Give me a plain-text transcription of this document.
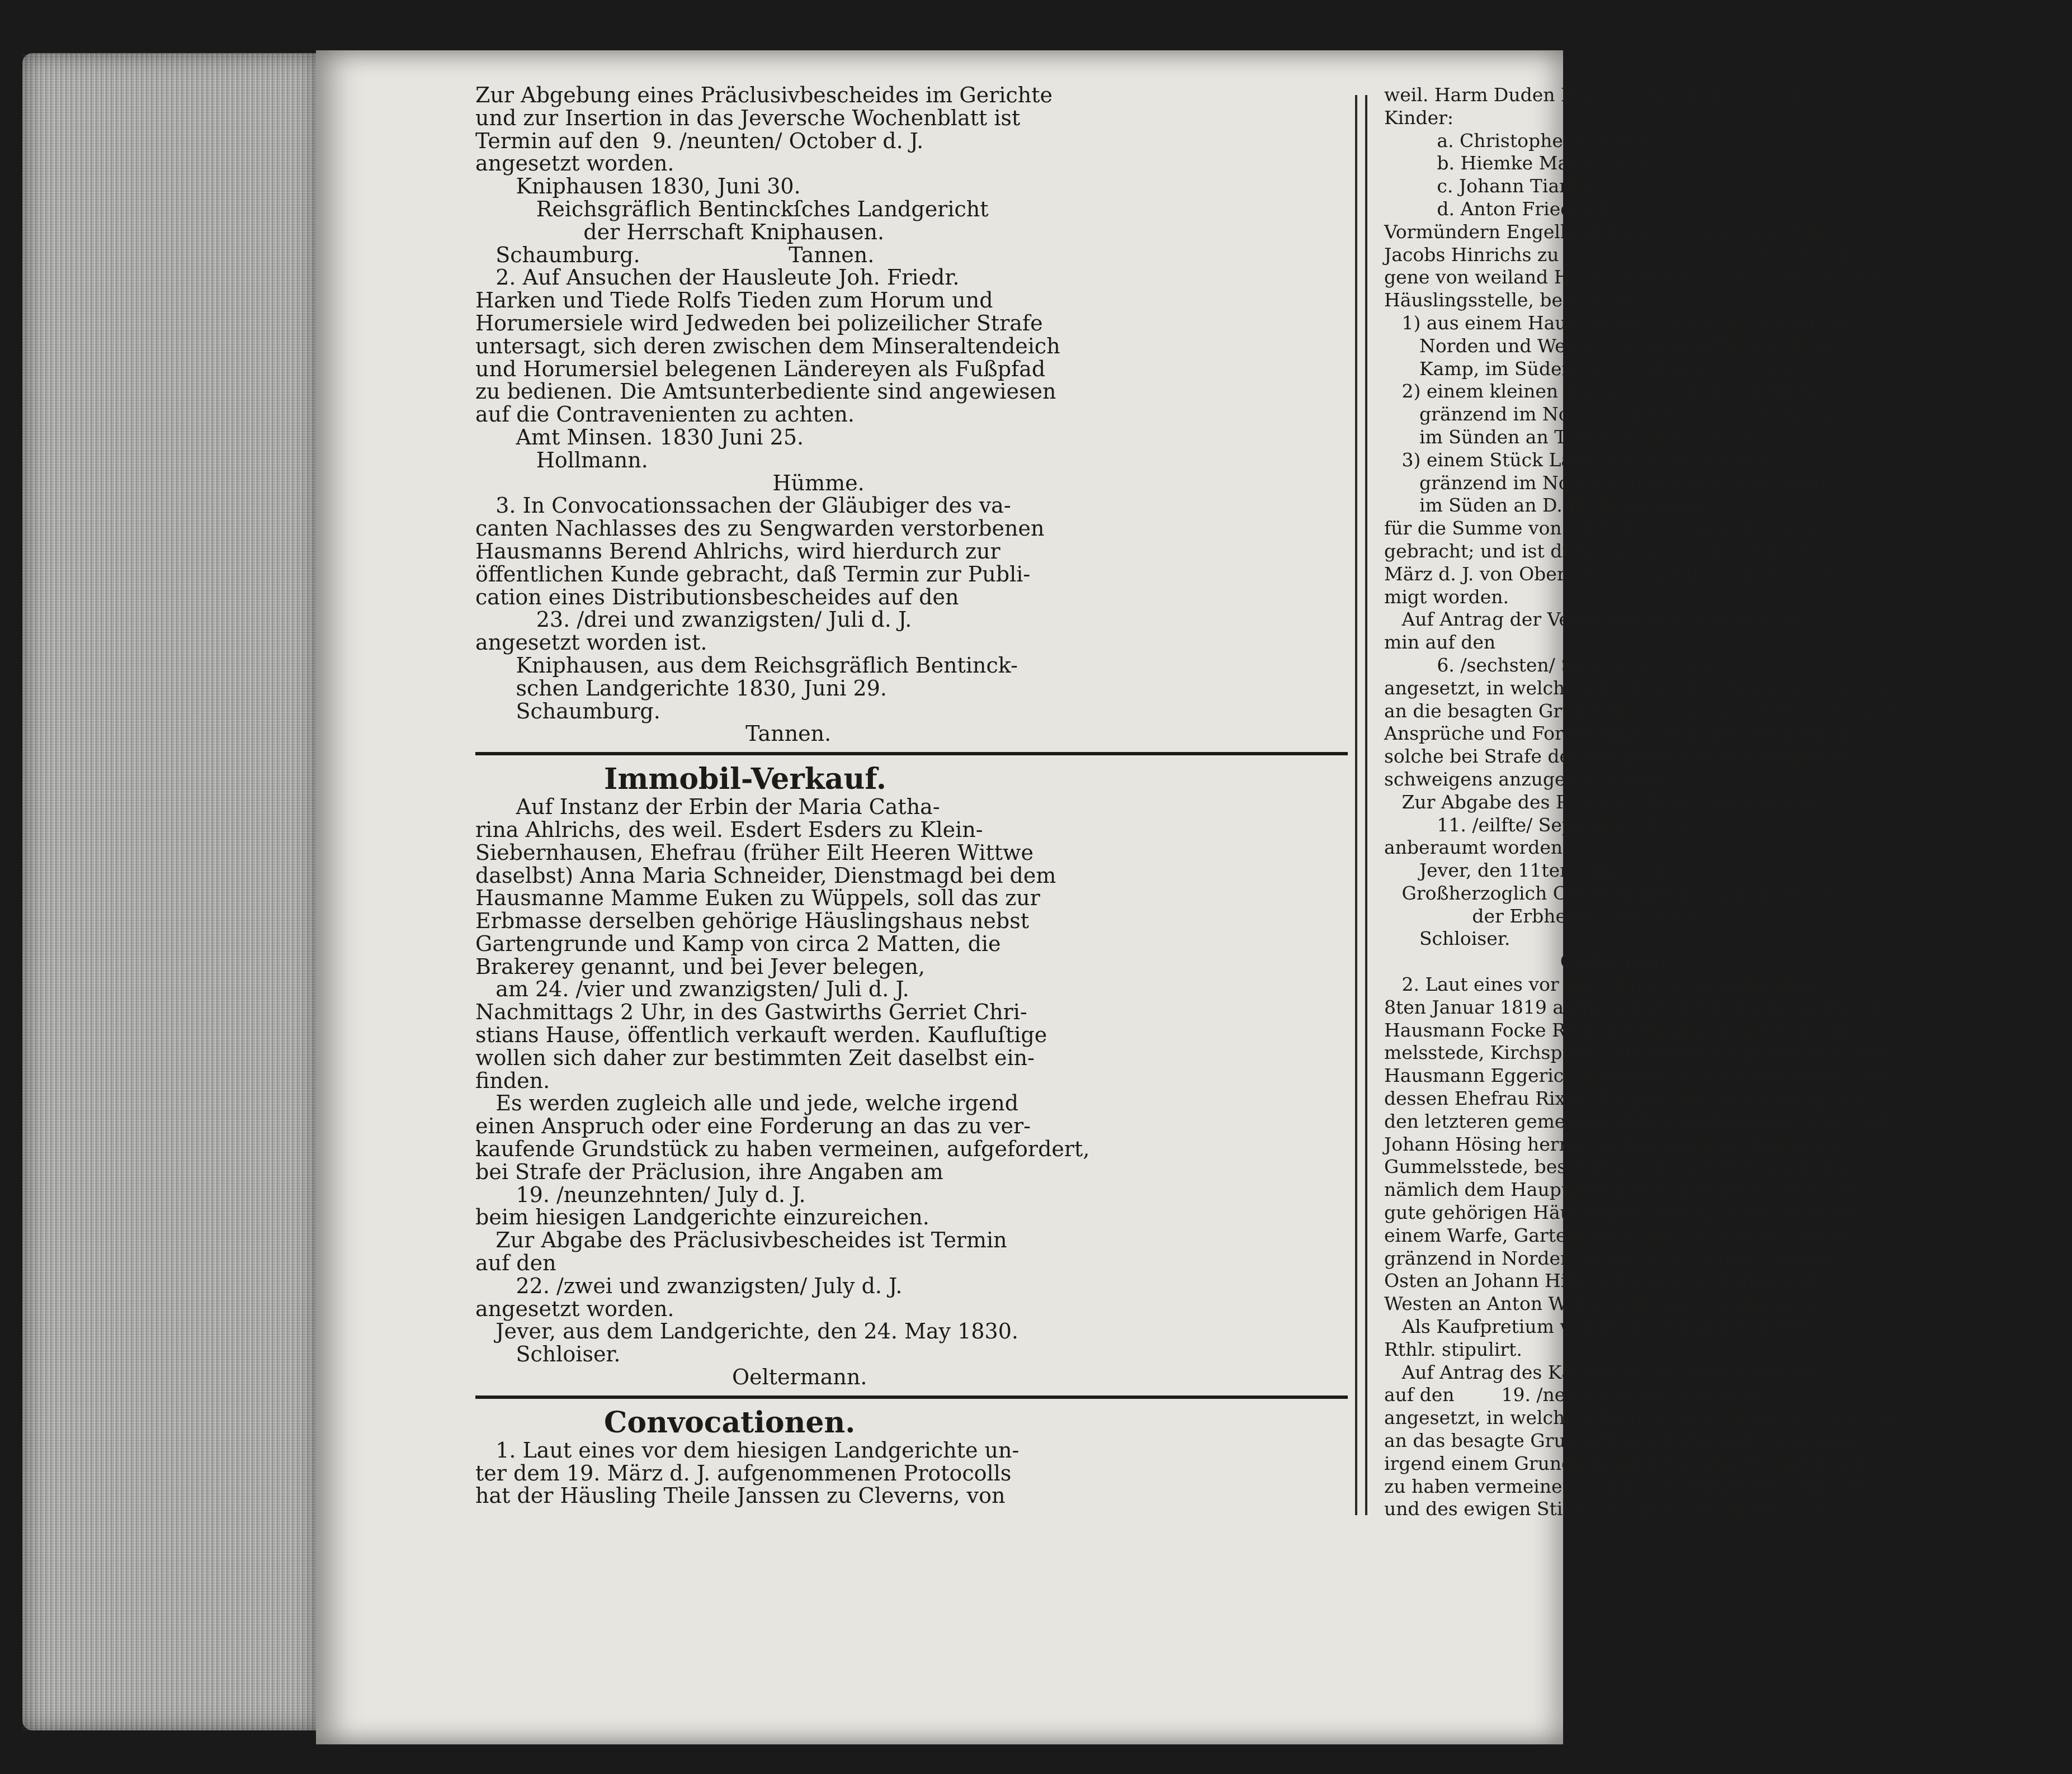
Zur Abgebung eines Präclusivbescheides im Gerichte

und zur Insertion in das Jeversche Wochenblatt ist

Termin auf den  9. /neunten/ October d. J.

angesetzt worden.

Kniphausen 1830, Juni 30.

Reichsgräflich Bentinckſches Landgericht

der Herrschaft Kniphausen.

Schaumburg.                      Tannen.

2. Auf Ansuchen der Hausleute Joh. Friedr.

Harken und Tiede Rolfs Tieden zum Horum und

Horumersiele wird Jedweden bei polizeilicher Strafe

untersagt, sich deren zwischen dem Minseraltendeich

und Horumersiel belegenen Ländereyen als Fußpfad

zu bedienen. Die Amtsunterbediente sind angewiesen

auf die Contravenienten zu achten.

Amt Minsen. 1830 Juni 25.

Hollmann.

Hümme.

3. In Convocationssachen der Gläubiger des va-

canten Nachlasses des zu Sengwarden verstorbenen

Hausmanns Berend Ahlrichs, wird hierdurch zur

öffentlichen Kunde gebracht, daß Termin zur Publi-

cation eines Distributionsbescheides auf den

23. /drei und zwanzigsten/ Juli d. J.

angesetzt worden ist.

Kniphausen, aus dem Reichsgräflich Bentinck-

schen Landgerichte 1830, Juni 29.

Schaumburg.

Tannen.

Immobil-Verkauf.

Auf Instanz der Erbin der Maria Catha-

rina Ahlrichs, des weil. Esdert Esders zu Klein-

Siebernhausen, Ehefrau (früher Eilt Heeren Wittwe

daselbst) Anna Maria Schneider, Dienstmagd bei dem

Hausmanne Mamme Euken zu Wüppels, soll das zur

Erbmasse derselben gehörige Häuslingshaus nebst

Gartengrunde und Kamp von circa 2 Matten, die

Brakerey genannt, und bei Jever belegen,

am 24. /vier und zwanzigsten/ Juli d. J.

Nachmittags 2 Uhr, in des Gastwirths Gerriet Chri-

stians Hause, öffentlich verkauft werden. Kaufluſtige

wollen sich daher zur bestimmten Zeit daselbst ein-

finden.

Es werden zugleich alle und jede, welche irgend

einen Anspruch oder eine Forderung an das zu ver-

kaufende Grundstück zu haben vermeinen, aufgefordert,

bei Strafe der Präclusion, ihre Angaben am

19. /neunzehnten/ July d. J.

beim hiesigen Landgerichte einzureichen.

Zur Abgabe des Präclusivbescheides ist Termin

auf den

22. /zwei und zwanzigsten/ July d. J.

angesetzt worden.

Jever, aus dem Landgerichte, den 24. May 1830.

Schloiser.

Oeltermann.

Convocationen.

1. Laut eines vor dem hiesigen Landgerichte un-

ter dem 19. März d. J. aufgenommenen Protocolls

hat der Häusling Theile Janssen zu Cleverns, von

weil. Harm Duden Franzen Häuslings zu Cleverns,

Kinder:

a. Christopher Rudolph,

b. Hiemke Margarethe,

c. Johann Tiarks,

d. Anton Friedrich,

Vormündern Engelbart Hinrich Conerus und Berend

Jacobs Hinrichs zu Cleverns, eine zu Cleverns bele-

gene von weiland Harm Duden Franzen herrührende

Häuslingsstelle, bestehend:

1) aus einem Hause nebst Garten, gränzend im

Norden und Westen an Berend Theilen Kuper

Kamp, im Süden an G. Collmann Garten,

2) einem kleinen Kampe von pl. m. 1/4 Matt,

gränzend im Norden an Eilert Ulrichs Haus,

im Sünden an T. W. Cassens Garten,

3) einem Stück Land von pl. m. 3/4 Matt,

gränzend im Norden an den gemeinen Weg,

im Süden an D. H. Kruse Land,

für die Summe von „400 ℛ — ℋ“ käuflich an sich

gebracht; und ist dieser Verkauf unter dem 3ten

März d. J. von Obervormundschafts wegen geneh-

migt worden.

Auf Antrag der Verkäufer wird hier mit Ter-

min auf den

6. /sechsten/ September 1830

angesetzt, in welchem Termine alle diejenigen, welche

an die besagten Grundstücke aus irgend einem Grunde

Ansprüche und Forderungen zu haben vermeinen,

solche bei Strafe des Verlustes und des ewigen Still-

schweigens anzugeben haben.

Zur Abgabe des Präclusiv-Bescheides ist der

11. /eilfte/ September 1830

anberaumt worden.

Jever, den 11ten Juny 1830.

Großherzoglich Oldenburgisches Landgericht

der Erbherrschaft Jever.

Schloiser.

Oeltermann.

2. Laut eines vor dem Amte Jever unter dem

8ten Januar 1819 aufgerichteten Contracts kaufte der

Hausmann Focke Reinders Baumann, jetzt zu Gum-

melsstede, Kirchspiels Sillenstede wohnhaft, von dem

Hausmann Eggerich Mammen zu Gummelsstede, und

dessen Ehefrau Rixte Margarethe, geb. Hösing, ein

den letzteren gemeinschaftlich zustehendes, von weil.

Johann Hösing herrührendes Landgut, belegen zu

Gummelsstede, bestehend aus zwei Behausungen,

nämlich dem Hauptgebäude und einer zu dem Land-

gute gehörigen Häuslingswohnung, einer Scheune,

einem Warfe, Gartengrund und 83 Matten Landes,

gränzend in Norden an Christian Anton Bleeker, in

Osten an Johann Hillers Popken, in Süden und

Westen an Anton Wilhelm Eucken Ländereyen.

Als Kaufpretium wurde die Summe von 3995

Rthlr. stipulirt.

Auf Antrag des Käufers wird hiermit Termin

auf den        19. /neunzehnten/ July 1830

angesetzt, in welchem Termine alle diejenigen, welche

an das besagte Grundstück mit Zubehörungen aus

irgend einem Grunde Ansprüche oder Forderungen

zu haben vermeinen, solche bei Strafe des Verlustes

und des ewigen Stillschweigens anzugeben haben.
